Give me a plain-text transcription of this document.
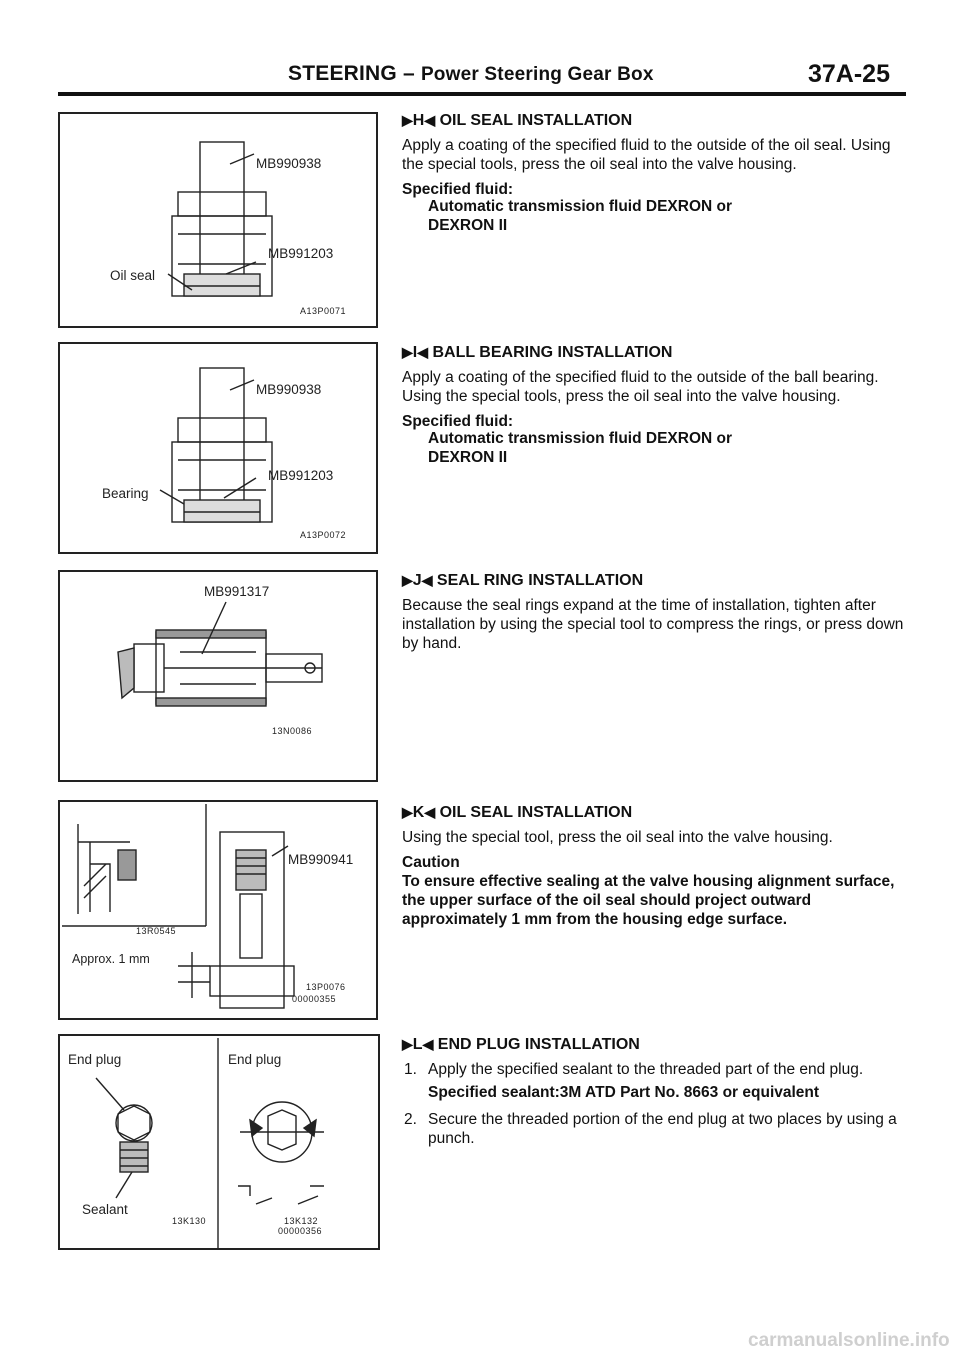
STEERING – Power Steering Gear Box	37A-25
MB990938
MB991203
Oil seal
A13P0071
MB990938
MB991203
Bearing
A13P0072
MB991317
13N0086
MB990941
Approx. 1 mm
13R0545
13P0076
00000355
End plug
Sealant
End plug
13K130	13K132
00000356
▶H◀ OIL SEAL INSTALLATION

Apply a coating of the specified fluid to the outside of the oil seal. Using the special tools, press the oil seal into the valve housing.

Specified fluid:

Automatic transmission fluid DEXRON or

DEXRON II

▶I◀ BALL BEARING INSTALLATION

Apply a coating of the specified fluid to the outside of the ball bearing. Using the special tools, press the oil seal into the valve housing.

Specified fluid:

Automatic transmission fluid DEXRON or

DEXRON II

▶J◀ SEAL RING INSTALLATION

Because the seal rings expand at the time of installation, tighten after installation by using the special tool to compress the rings, or press down by hand.

▶K◀ OIL SEAL INSTALLATION

Using the special tool, press the oil seal into the valve housing.

Caution

To ensure effective sealing at the valve housing alignment surface, the upper surface of the oil seal should project outward approximately 1 mm from the housing edge surface.

▶L◀ END PLUG INSTALLATION
1. Apply the specified sealant to the threaded part of the end plug.
Specified sealant:3M ATD Part No. 8663 or equivalent
2. Secure the threaded portion of the end plug at two places by using a punch.
carmanualsonline.info
